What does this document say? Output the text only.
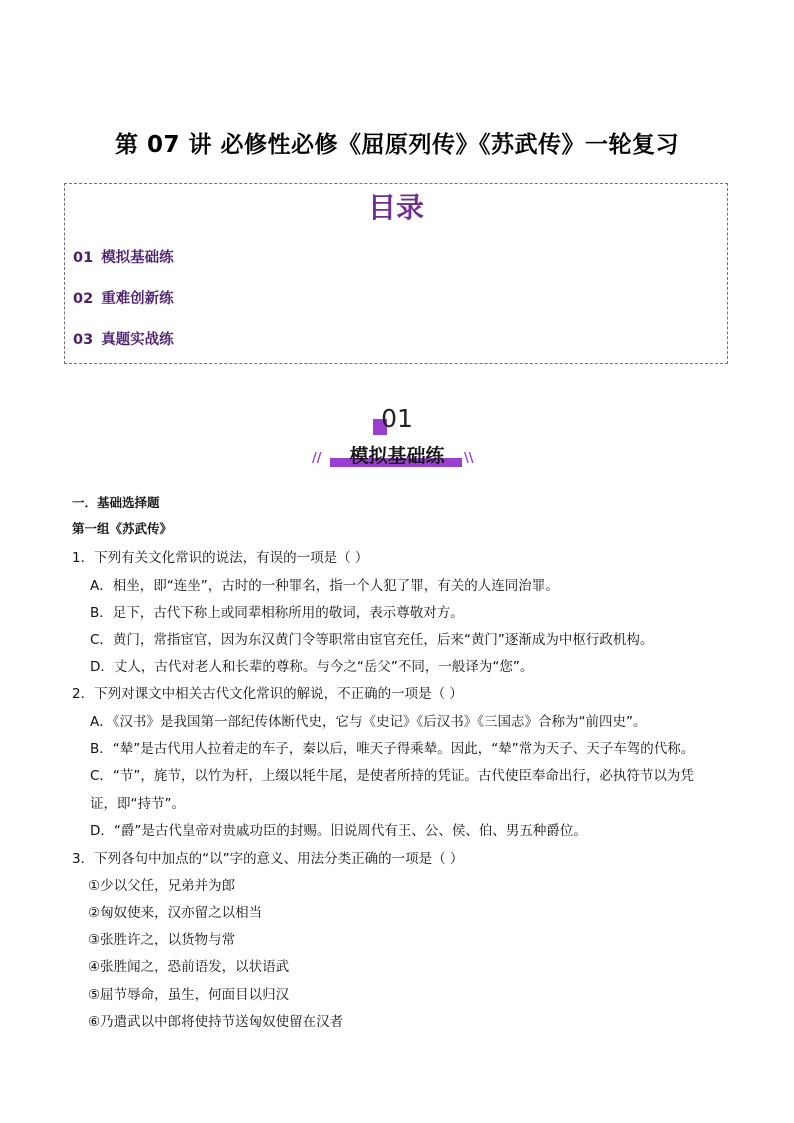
第 07 讲 必修性必修《屈原列传》《苏武传》一轮复习
目录
01 模拟基础练
02 重难创新练
03 真题实战练
01
//	模拟基础练	\\
一．基础选择题
第一组《苏武传》
1．下列有关文化常识的说法，有误的一项是（ ）
A．相坐，即“连坐”，古时的一种罪名，指一个人犯了罪，有关的人连同治罪。
B．足下，古代下称上或同辈相称所用的敬词，表示尊敬对方。
C．黄门，常指宦官，因为东汉黄门令等职常由宦官充任，后来“黄门”逐渐成为中枢行政机构。
D．丈人，古代对老人和长辈的尊称。与今之“岳父”不同，一般译为“您”。
2．下列对课文中相关古代文化常识的解说，不正确的一项是（ ）
A．《汉书》是我国第一部纪传体断代史，它与《史记》《后汉书》《三国志》合称为“前四史”。
B．“辇”是古代用人拉着走的车子，秦以后，唯天子得乘辇。因此，“辇”常为天子、天子车驾的代称。
C．“节”，旄节，以竹为杆，上缀以牦牛尾，是使者所持的凭证。古代使臣奉命出行，必执符节以为凭
证，即“持节”。
D．“爵”是古代皇帝对贵戚功臣的封赐。旧说周代有王、公、侯、伯、男五种爵位。
3．下列各句中加点的“以”字的意义、用法分类正确的一项是（ ）
①少以父任，兄弟并为郎
②匈奴使来，汉亦留之以相当
③张胜许之，以货物与常
④张胜闻之，恐前语发，以状语武
⑤屈节辱命，虽生，何面目以归汉
⑥乃遣武以中郎将使持节送匈奴使留在汉者
